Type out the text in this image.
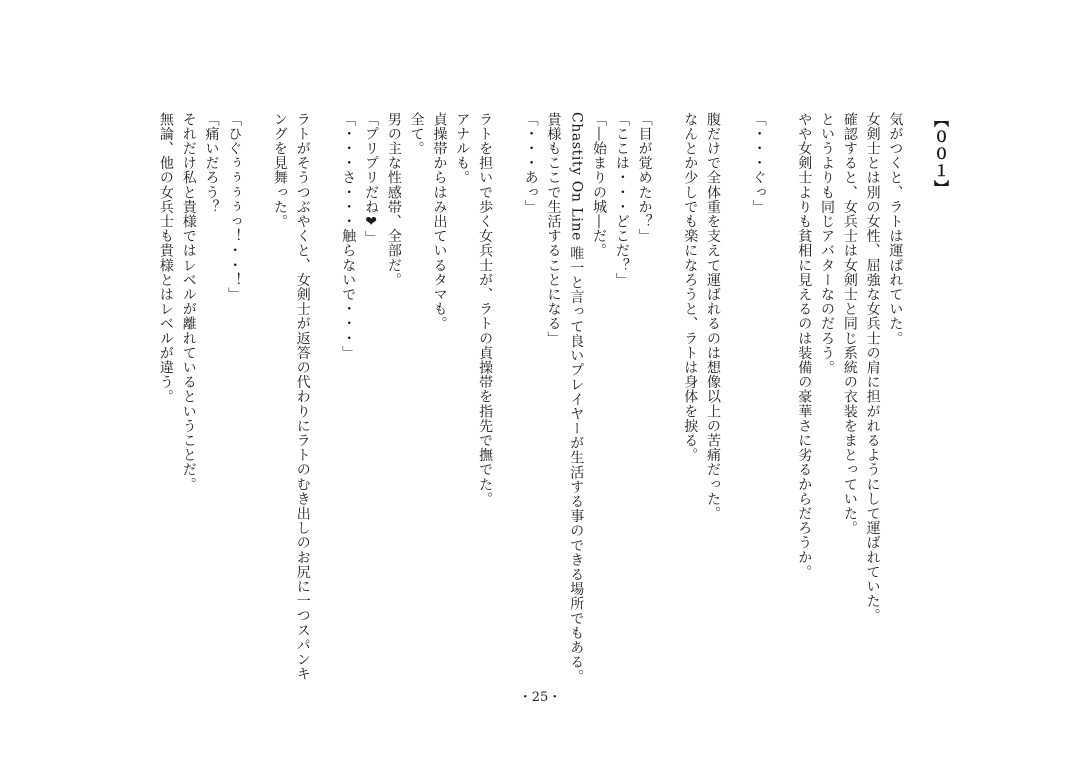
【００１】
気がつくと、ラトは運ばれていた。
女剣士とは別の女性、屈強な女兵士の肩に担がれるようにして運ばれていた。
確認すると、女兵士は女剣士と同じ系統の衣装をまとっていた。
というよりも同じアバターなのだろう。
やや女剣士よりも貧相に見えるのは装備の豪華さに劣るからだろうか。
「・・・ぐっ」
腹だけで全体重を支えて運ばれるのは想像以上の苦痛だった。
なんとか少しでも楽になろうと、ラトは身体を捩る。
「目が覚めたか？」
「ここは・・・どこだ？」
「―始まりの城―だ。
Chastity On Line 唯一と言って良いプレイヤーが生活する事のできる場所でもある。
貴様もここで生活することになる」
「・・・あっ」
ラトを担いで歩く女兵士が、ラトの貞操帯を指先で撫でた。
アナルも。
貞操帯からはみ出ているタマも。
全て。
男の主な性感帯、全部だ。
「プリプリだね❤」
「・・・さ・・・触らないで・・・」
ラトがそうつぶやくと、女剣士が返答の代わりにラトのむき出しのお尻に一つスパンキ
ングを見舞った。
「ひぐぅぅぅぅっ！・・！」
「痛いだろう？
それだけ私と貴様ではレベルが離れているということだ。
無論、他の女兵士も貴様とはレベルが違う。
・25・
